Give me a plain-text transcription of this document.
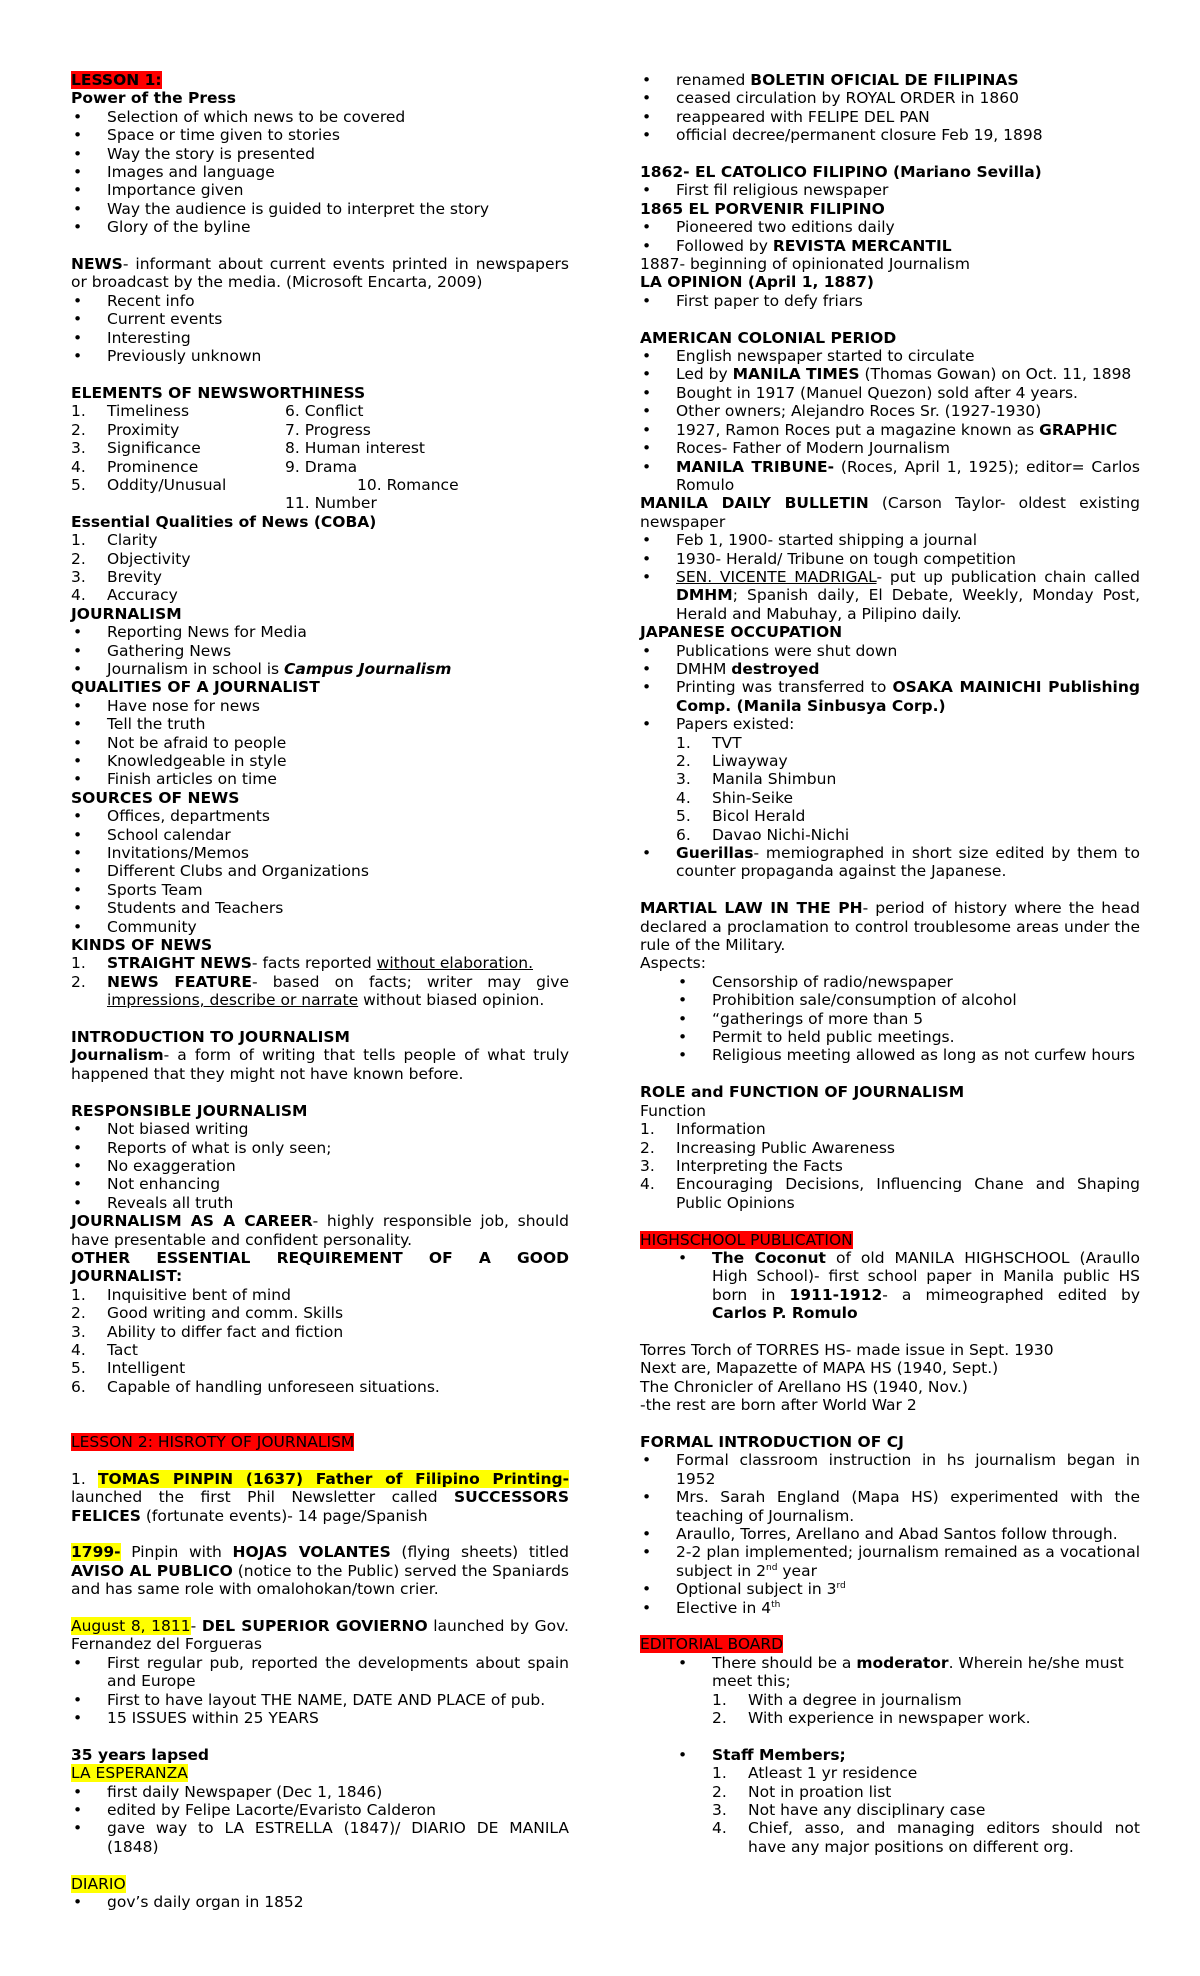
LESSON 1:

Power of the Press

• Selection of which news to be covered
• Space or time given to stories
• Way the story is presented
• Images and language
• Importance given
• Way the audience is guided to interpret the story
• Glory of the byline

NEWS- informant about current events printed in newspapers or broadcast by the media. (Microsoft Encarta, 2009)

• Recent info
• Current events
• Interesting
• Previously unknown

ELEMENTS OF NEWSWORTHINESS

1. Timeliness	6. Conflict
2. Proximity	7. Progress
3. Significance	8. Human interest
4. Prominence	9. Drama
5. Oddity/Unusual	10. Romance

11. Number

Essential Qualities of News (COBA)

1. Clarity
2. Objectivity
3. Brevity
4. Accuracy

JOURNALISM

• Reporting News for Media
• Gathering News
• Journalism in school is Campus Journalism

QUALITIES OF A JOURNALIST

• Have nose for news
• Tell the truth
• Not be afraid to people
• Knowledgeable in style
• Finish articles on time

SOURCES OF NEWS

• Offices, departments
• School calendar
• Invitations/Memos
• Different Clubs and Organizations
• Sports Team
• Students and Teachers
• Community

KINDS OF NEWS

1. STRAIGHT NEWS- facts reported without elaboration.
2. NEWS FEATURE- based on facts; writer may give impressions, describe or narrate without biased opinion.

INTRODUCTION TO JOURNALISM

Journalism- a form of writing that tells people of what truly happened that they might not have known before.

RESPONSIBLE JOURNALISM

• Not biased writing
• Reports of what is only seen;
• No exaggeration
• Not enhancing
• Reveals all truth

JOURNALISM AS A CAREER- highly responsible job, should have presentable and confident personality.

OTHER ESSENTIAL REQUIREMENT OF A GOOD JOURNALIST:

1. Inquisitive bent of mind
2. Good writing and comm. Skills
3. Ability to differ fact and fiction
4. Tact
5. Intelligent
6. Capable of handling unforeseen situations.

LESSON 2: HISROTY OF JOURNALISM

1. TOMAS PINPIN (1637) Father of Filipino Printing- launched the first Phil Newsletter called SUCCESSORS FELICES (fortunate events)- 14 page/Spanish

1799- Pinpin with HOJAS VOLANTES (flying sheets) titled AVISO AL PUBLICO (notice to the Public) served the Spaniards and has same role with omalohokan/town crier.

August 8, 1811- DEL SUPERIOR GOVIERNO launched by Gov. Fernandez del Forgueras

• First regular pub, reported the developments about spain and Europe
• First to have layout THE NAME, DATE AND PLACE of pub.
• 15 ISSUES within 25 YEARS

35 years lapsed

LA ESPERANZA

• first daily Newspaper (Dec 1, 1846)
• edited by Felipe Lacorte/Evaristo Calderon
• gave way to LA ESTRELLA (1847)/ DIARIO DE MANILA (1848)

DIARIO

• gov’s daily organ in 1852
• renamed BOLETIN OFICIAL DE FILIPINAS
• ceased circulation by ROYAL ORDER in 1860
• reappeared with FELIPE DEL PAN
• official decree/permanent closure Feb 19, 1898

1862- EL CATOLICO FILIPINO (Mariano Sevilla)

• First fil religious newspaper

1865 EL PORVENIR FILIPINO

• Pioneered two editions daily
• Followed by REVISTA MERCANTIL

1887- beginning of opinionated Journalism

LA OPINION (April 1, 1887)

• First paper to defy friars

AMERICAN COLONIAL PERIOD

• English newspaper started to circulate
• Led by MANILA TIMES (Thomas Gowan) on Oct. 11, 1898
• Bought in 1917 (Manuel Quezon) sold after 4 years.
• Other owners; Alejandro Roces Sr. (1927-1930)
• 1927, Ramon Roces put a magazine known as GRAPHIC
• Roces- Father of Modern Journalism
• MANILA TRIBUNE- (Roces, April 1, 1925); editor= Carlos Romulo

MANILA DAILY BULLETIN (Carson Taylor- oldest existing newspaper

• Feb 1, 1900- started shipping a journal
• 1930- Herald/ Tribune on tough competition
• SEN. VICENTE MADRIGAL- put up publication chain called DMHM; Spanish daily, El Debate, Weekly, Monday Post, Herald and Mabuhay, a Pilipino daily.

JAPANESE OCCUPATION

• Publications were shut down
• DMHM destroyed
• Printing was transferred to OSAKA MAINICHI Publishing Comp. (Manila Sinbusya Corp.)
• Papers existed:
1. TVT
2. Liwayway
3. Manila Shimbun
4. Shin-Seike
5. Bicol Herald
6. Davao Nichi-Nichi
• Guerillas- memiographed in short size edited by them to counter propaganda against the Japanese.

MARTIAL LAW IN THE PH- period of history where the head declared a proclamation to control troublesome areas under the rule of the Military.

Aspects:

• Censorship of radio/newspaper
• Prohibition sale/consumption of alcohol
• “gatherings of more than 5
• Permit to held public meetings.
• Religious meeting allowed as long as not curfew hours

ROLE and FUNCTION OF JOURNALISM

Function

1. Information
2. Increasing Public Awareness
3. Interpreting the Facts
4. Encouraging Decisions, Influencing Chane and Shaping Public Opinions

HIGHSCHOOL PUBLICATION

• The Coconut of old MANILA HIGHSCHOOL (Araullo High School)- first school paper in Manila public HS born in 1911-1912- a mimeographed edited by Carlos P. Romulo

Torres Torch of TORRES HS- made issue in Sept. 1930

Next are, Mapazette of MAPA HS (1940, Sept.)

The Chronicler of Arellano HS (1940, Nov.)

-the rest are born after World War 2

FORMAL INTRODUCTION OF CJ

• Formal classroom instruction in hs journalism began in 1952
• Mrs. Sarah England (Mapa HS) experimented with the teaching of Journalism.
• Araullo, Torres, Arellano and Abad Santos follow through.
• 2-2 plan implemented; journalism remained as a vocational subject in 2nd year
• Optional subject in 3rd
• Elective in 4th

EDITORIAL BOARD

• There should be a moderator. Wherein he/she must meet this;
1. With a degree in journalism
2. With experience in newspaper work.
• Staff Members;
1. Atleast 1 yr residence
2. Not in proation list
3. Not have any disciplinary case
4. Chief, asso, and managing editors should not have any major positions on different org.
